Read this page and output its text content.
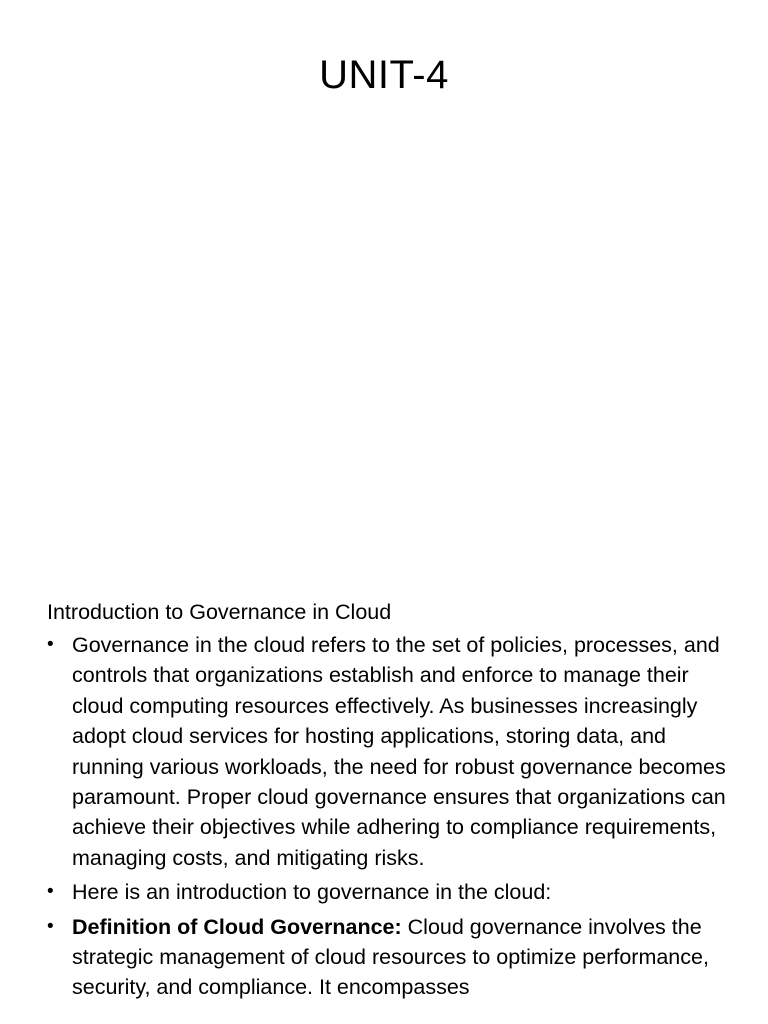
UNIT-4
Introduction to Governance in Cloud
• Governance in the cloud refers to the set of policies, processes, and controls that organizations establish and enforce to manage their cloud computing resources effectively. As businesses increasingly adopt cloud services for hosting applications, storing data, and running various workloads, the need for robust governance becomes paramount. Proper cloud governance ensures that organizations can achieve their objectives while adhering to compliance requirements, managing costs, and mitigating risks.
• Here is an introduction to governance in the cloud:
• Definition of Cloud Governance: Cloud governance involves the strategic management of cloud resources to optimize performance, security, and compliance. It encompasses
